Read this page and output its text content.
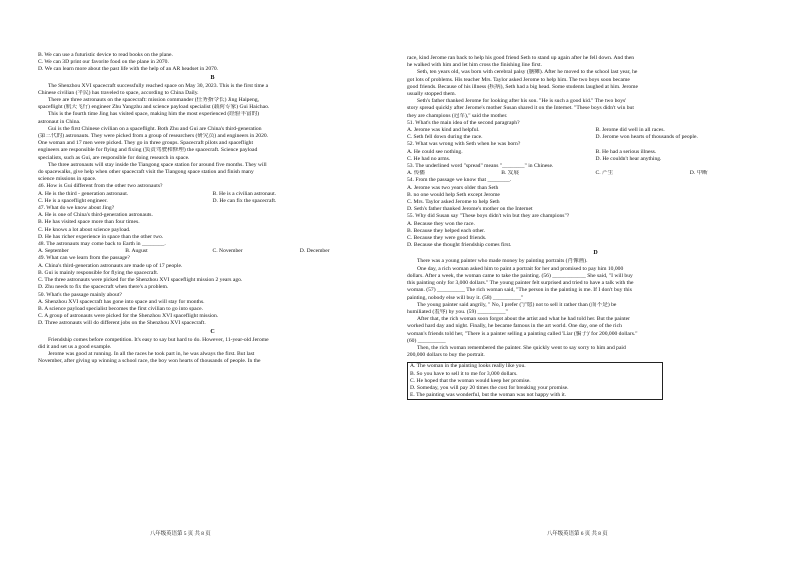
B. We can use a futuristic device to read books on the plane.
C. We can 3D print our favorite food on the plane in 2070.
D. We can learn more about the past life with the help of an AR headset in 2070.
B
The Shenzhou XVI spacecraft successfully reached space on May 30, 2023. This is the first time a
Chinese civilian (平民) has traveled to space, according to China Daily.
There are three astronauts on the spacecraft: mission commander (任务指令长) Jing Haipeng,
spaceflight (航天飞行) engineer Zhu Yangzhu and science payload specialist (载荷专家) Gui Haichao.
This is the fourth time Jing has visited space, making him the most experienced (经验丰富的)
astronaut in China.
Gui is the first Chinese civilian on a spaceflight. Both Zhu and Gui are China's third-generation
(第三代的) astronauts. They were picked from a group of researchers (研究员) and engineers in 2020.
One woman and 17 men were picked. They go in three groups. Spacecraft pilots and spaceflight
engineers are responsible for flying and fixing (负责驾驶和修理) the spacecraft. Science payload
specialists, such as Gui, are responsible for doing research in space.
The three astronauts will stay inside the Tiangong space station for around five months. They will
do spacewalks, give help when other spacecraft visit the Tiangong space station and finish many
science missions in space.
46. How is Gui different from the other two astronauts?
A. He is the third - generation astronaut.	B. He is a civilian astronaut.
C. He is a spaceflight engineer.	D. He can fix the spacecraft.
47. What do we know about Jing?
A. He is one of China's third-generation astronauts.
B. He has visited space more than four times.
C. He knows a lot about science payload.
D. He has richer experience in space than the other two.
48. The astronauts may come back to Earth in ________.
A. September	B. August	C. November	D. December
49. What can we learn from the passage?
A. China's third-generation astronauts are made up of 17 people.
B. Gui is mainly responsible for flying the spacecraft.
C. The three astronauts were picked for the Shenzhou XVI spaceflight mission 2 years ago.
D. Zhu needs to fix the spacecraft when there's a problem.
50. What's the passage mainly about?
A. Shenzhou XVI spacecraft has gone into space and will stay for months.
B. A science payload specialist becomes the first civilian to go into space.
C. A group of astronauts were picked for the Shenzhou XVI spaceflight mission.
D. Three astronauts will do different jobs on the Shenzhou XVI spacecraft.
C
Friendship comes before competition. It's easy to say but hard to do. However, 11-year-old Jerome
did it and set us a good example.
Jerome was good at running. In all the races he took part in, he was always the first. But last
November, after giving up winning a school race, the boy won hearts of thousands of people. In the
八年级英语第 5 页 共 8 页
race, kind Jerome ran back to help his good friend Seth to stand up again after he fell down. And then
he walked with him and let him cross the finishing line first.
Seth, ten years old, was born with cerebral palsy (脑瘫). After he moved to the school last year, he
got lots of problems. His teacher Mrs. Taylor asked Jerome to help him. The two boys soon became
good friends. Because of his illness (疾病), Seth had a big head. Some students laughed at him. Jerome
usually stopped them.
Seth's father thanked Jerome for looking after his son. "He is such a good kid." The two boys'
story spread quickly after Jerome's mother Susan shared it on the Internet. "These boys didn't win but
they are champions (冠军)," said the mother.
51. What's the main idea of the second paragraph?
A. Jerome was kind and helpful.	B. Jerome did well in all races.
C. Seth fell down during the race.	D. Jerome won hearts of thousands of people.
52. What was wrong with Seth when he was born?
A. He could see nothing.	B. He had a serious illness.
C. He had no arms.	D. He couldn't hear anything.
53. The underlined word "spread" means "________" in Chinese.
A. 传播	B. 发展	C. 产生	D. 中断
54. From the passage we know that ________.
A. Jerome was two years older than Seth
B. no one would help Seth except Jerome
C. Mrs. Taylor asked Jerome to help Seth
D. Seth's father thanked Jerome's mother on the Internet
55. Why did Susan say "These boys didn't win but they are champions"?
A. Because they won the race.
B. Because they helped each other.
C. Because they were good friends.
D. Because she thought friendship comes first.
D
There was a young painter who made money by painting portraits (肖像画).
One day, a rich woman asked him to paint a portrait for her and promised to pay him 10,000
dollars. After a week, the woman came to take the painting. (56) ____________ She said, "I will buy
this painting only for 3,000 dollars." The young painter felt surprised and tried to have a talk with the
woman. (57) __________ The rich woman said, "The person in the painting is me. If I don't buy this
painting, nobody else will buy it. (58) __________"
The young painter said angrily, " No, I prefer (宁愿) not to sell it rather than (而不是) be
humiliated (羞辱) by you. (59) __________"
After that, the rich woman soon forgot about the artist and what he had told her. But the painter
worked hard day and night. Finally, he became famous in the art world. One day, one of the rich
woman's friends told her, "There is a painter selling a painting called 'Liar (骗子)' for 200,000 dollars."
(60) __________
Then, the rich woman remembered the painter. She quickly went to say sorry to him and paid
200,000 dollars to buy the portrait.
A. The woman in the painting looks really like you.
B. So you have to sell it to me for 3,000 dollars.
C. He hoped that the woman would keep her promise.
D. Someday, you will pay 20 times the cost for breaking your promise.
E. The painting was wonderful, but the woman was not happy with it.
八年级英语第 6 页 共 8 页
